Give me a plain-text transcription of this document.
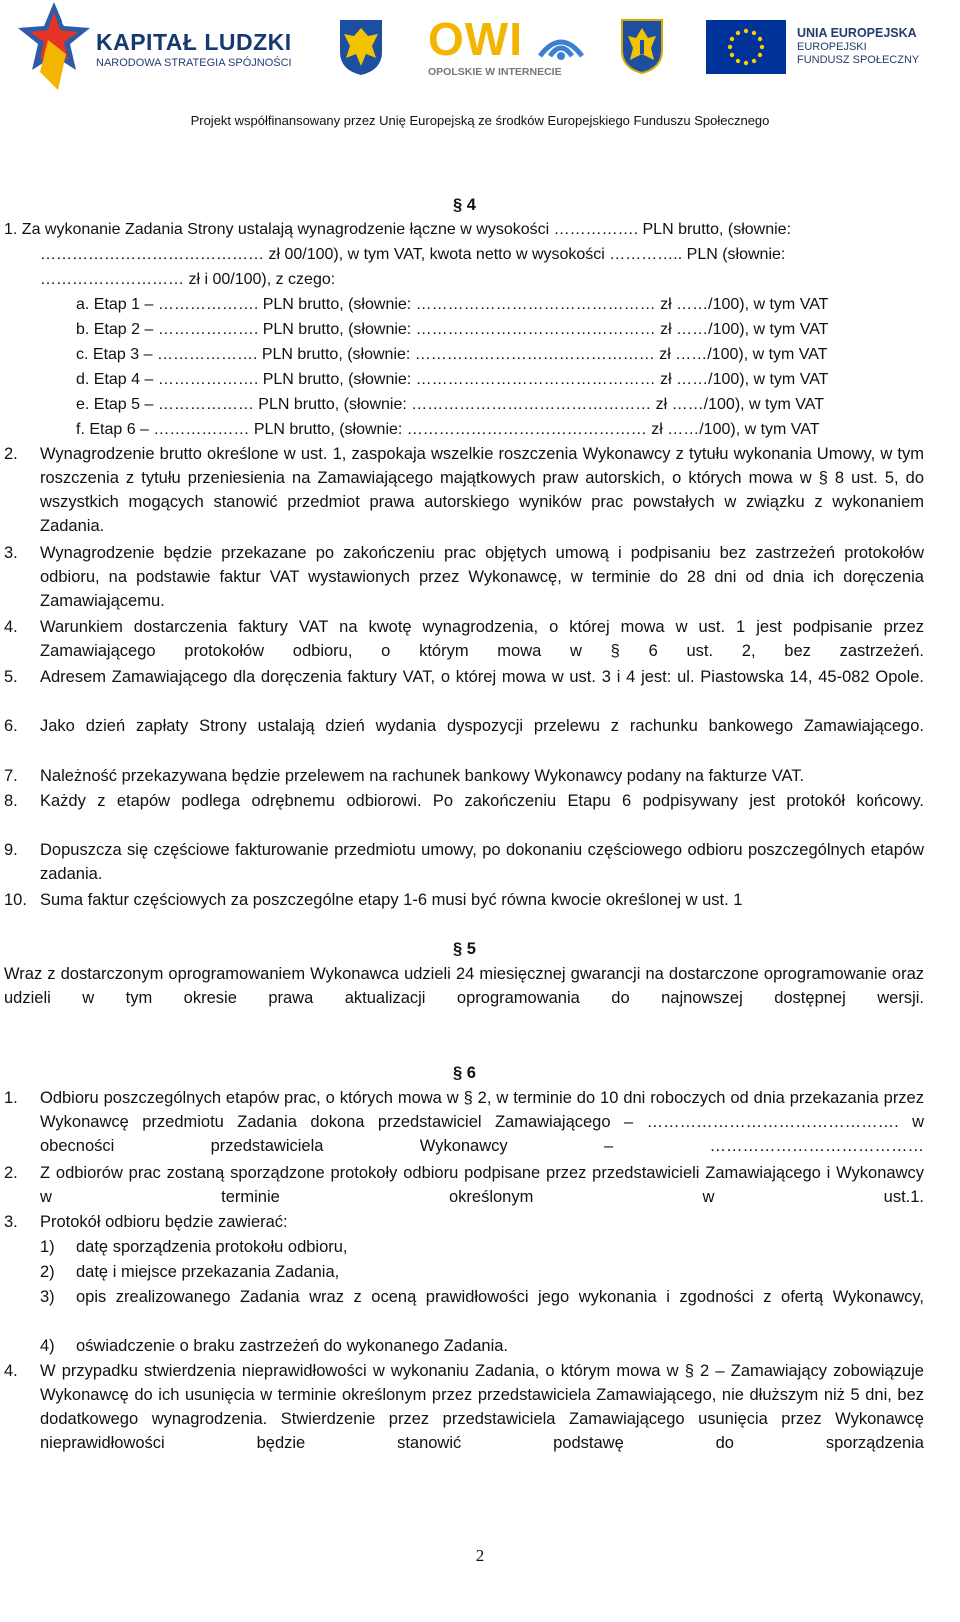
KAPITAŁ LUDZKI
NARODOWA STRATEGIA SPÓJNOŚCI	OWI
OPOLSKIE W INTERNECIE
UNIA EUROPEJSKA
EUROPEJSKI
FUNDUSZ SPOŁECZNY
Projekt współfinansowany przez Unię Europejską ze środków Europejskiego Funduszu Społecznego
§ 4
1. Za wykonanie Zadania Strony ustalają wynagrodzenie łączne w wysokości ……………. PLN brutto, (słownie:
…………………………………… zł 00/100), w tym VAT, kwota netto w wysokości ………….. PLN (słownie:
……………………… zł i 00/100), z czego:
a. Etap 1 – ………………. PLN brutto, (słownie: ……………………………………… zł ……/100), w tym VAT
b. Etap 2 – ………………. PLN brutto, (słownie: ……………………………………… zł ……/100), w tym VAT
c. Etap 3 – ………………. PLN brutto, (słownie: ……………………………………… zł ……/100), w tym VAT
d. Etap 4 – ………………. PLN brutto, (słownie: ……………………………………… zł ……/100), w tym VAT
e. Etap 5 – ……………… PLN brutto, (słownie: ……………………………………… zł ……/100), w tym VAT
f. Etap 6 – ……………… PLN brutto, (słownie: ……………………………………… zł ……/100), w tym VAT
2. Wynagrodzenie brutto określone w ust. 1, zaspokaja wszelkie roszczenia Wykonawcy z tytułu wykonania Umowy, w tym roszczenia z tytułu przeniesienia na Zamawiającego majątkowych praw autorskich, o których mowa w § 8 ust. 5, do wszystkich mogących stanowić przedmiot prawa autorskiego wyników prac powstałych w związku z wykonaniem Zadania.
3. Wynagrodzenie będzie przekazane po zakończeniu prac objętych umową i podpisaniu bez zastrzeżeń protokołów odbioru, na podstawie faktur VAT wystawionych przez Wykonawcę, w terminie do 28 dni od dnia ich doręczenia Zamawiającemu.
4. Warunkiem dostarczenia faktury VAT na kwotę wynagrodzenia, o której mowa w ust. 1 jest podpisanie przez Zamawiającego protokołów odbioru, o którym mowa w § 6 ust. 2, bez zastrzeżeń.
5. Adresem Zamawiającego dla doręczenia faktury VAT, o której mowa w ust. 3 i 4 jest: ul. Piastowska 14, 45-082 Opole.
6. Jako dzień zapłaty Strony ustalają dzień wydania dyspozycji przelewu z rachunku bankowego Zamawiającego.
7. Należność przekazywana będzie przelewem na rachunek bankowy Wykonawcy podany na fakturze VAT.
8. Każdy z etapów podlega odrębnemu odbiorowi. Po zakończeniu Etapu 6 podpisywany jest protokół końcowy.
9. Dopuszcza się częściowe fakturowanie przedmiotu umowy, po dokonaniu częściowego odbioru poszczególnych etapów zadania.
10. Suma faktur częściowych za poszczególne etapy 1-6 musi być równa kwocie określonej w ust. 1
§ 5
Wraz z dostarczonym oprogramowaniem Wykonawca udzieli 24 miesięcznej gwarancji na dostarczone oprogramowanie oraz udzieli w tym okresie prawa aktualizacji oprogramowania do najnowszej dostępnej wersji.
§ 6
1. Odbioru poszczególnych etapów prac, o których mowa w § 2, w terminie do 10 dni roboczych od dnia przekazania przez Wykonawcę przedmiotu Zadania dokona przedstawiciel Zamawiającego – ………………………………………. w obecności przedstawiciela Wykonawcy – …………………………………
2. Z odbiorów prac zostaną sporządzone protokoły odbioru podpisane przez przedstawicieli Zamawiającego i Wykonawcy w terminie określonym w ust.1.
3. Protokół odbioru będzie zawierać:
1) datę sporządzenia protokołu odbioru,
2) datę i miejsce przekazania Zadania,
3) opis zrealizowanego Zadania wraz z oceną prawidłowości jego wykonania i zgodności z ofertą Wykonawcy,
4) oświadczenie o braku zastrzeżeń do wykonanego Zadania.
4. W przypadku stwierdzenia nieprawidłowości w wykonaniu Zadania, o którym mowa w § 2 – Zamawiający zobowiązuje Wykonawcę do ich usunięcia w terminie określonym przez przedstawiciela Zamawiającego, nie dłuższym niż 5 dni, bez dodatkowego wynagrodzenia. Stwierdzenie przez przedstawiciela Zamawiającego usunięcia przez Wykonawcę nieprawidłowości będzie stanowić podstawę do sporządzenia
2
